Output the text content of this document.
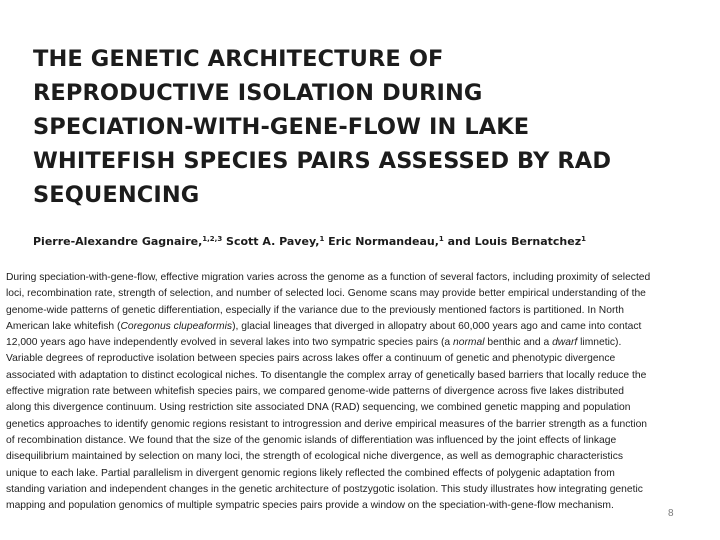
THE GENETIC ARCHITECTURE OF
REPRODUCTIVE ISOLATION DURING
SPECIATION-WITH-GENE-FLOW IN LAKE
WHITEFISH SPECIES PAIRS ASSESSED BY RAD
SEQUENCING
Pierre-Alexandre Gagnaire,$^{1,2,3}$ Scott A. Pavey,$^1$ Eric Normandeau,$^1$ and Louis Bernatchez$^1$
During speciation-with-gene-flow, effective migration varies across the genome as a function of several factors, including proximity of selected
loci, recombination rate, strength of selection, and number of selected loci. Genome scans may provide better empirical understanding of the
genome-wide patterns of genetic differentiation, especially if the variance due to the previously mentioned factors is partitioned. In North
American lake whitefish (Coregonus clupeaformis), glacial lineages that diverged in allopatry about 60,000 years ago and came into contact
12,000 years ago have independently evolved in several lakes into two sympatric species pairs (a normal benthic and a dwarf limnetic).
Variable degrees of reproductive isolation between species pairs across lakes offer a continuum of genetic and phenotypic divergence
associated with adaptation to distinct ecological niches. To disentangle the complex array of genetically based barriers that locally reduce the
effective migration rate between whitefish species pairs, we compared genome-wide patterns of divergence across five lakes distributed
along this divergence continuum. Using restriction site associated DNA (RAD) sequencing, we combined genetic mapping and population
genetics approaches to identify genomic regions resistant to introgression and derive empirical measures of the barrier strength as a function
of recombination distance. We found that the size of the genomic islands of differentiation was influenced by the joint effects of linkage
disequilibrium maintained by selection on many loci, the strength of ecological niche divergence, as well as demographic characteristics
unique to each lake. Partial parallelism in divergent genomic regions likely reflected the combined effects of polygenic adaptation from
standing variation and independent changes in the genetic architecture of postzygotic isolation. This study illustrates how integrating genetic
mapping and population genomics of multiple sympatric species pairs provide a window on the speciation-with-gene-flow mechanism.
8
